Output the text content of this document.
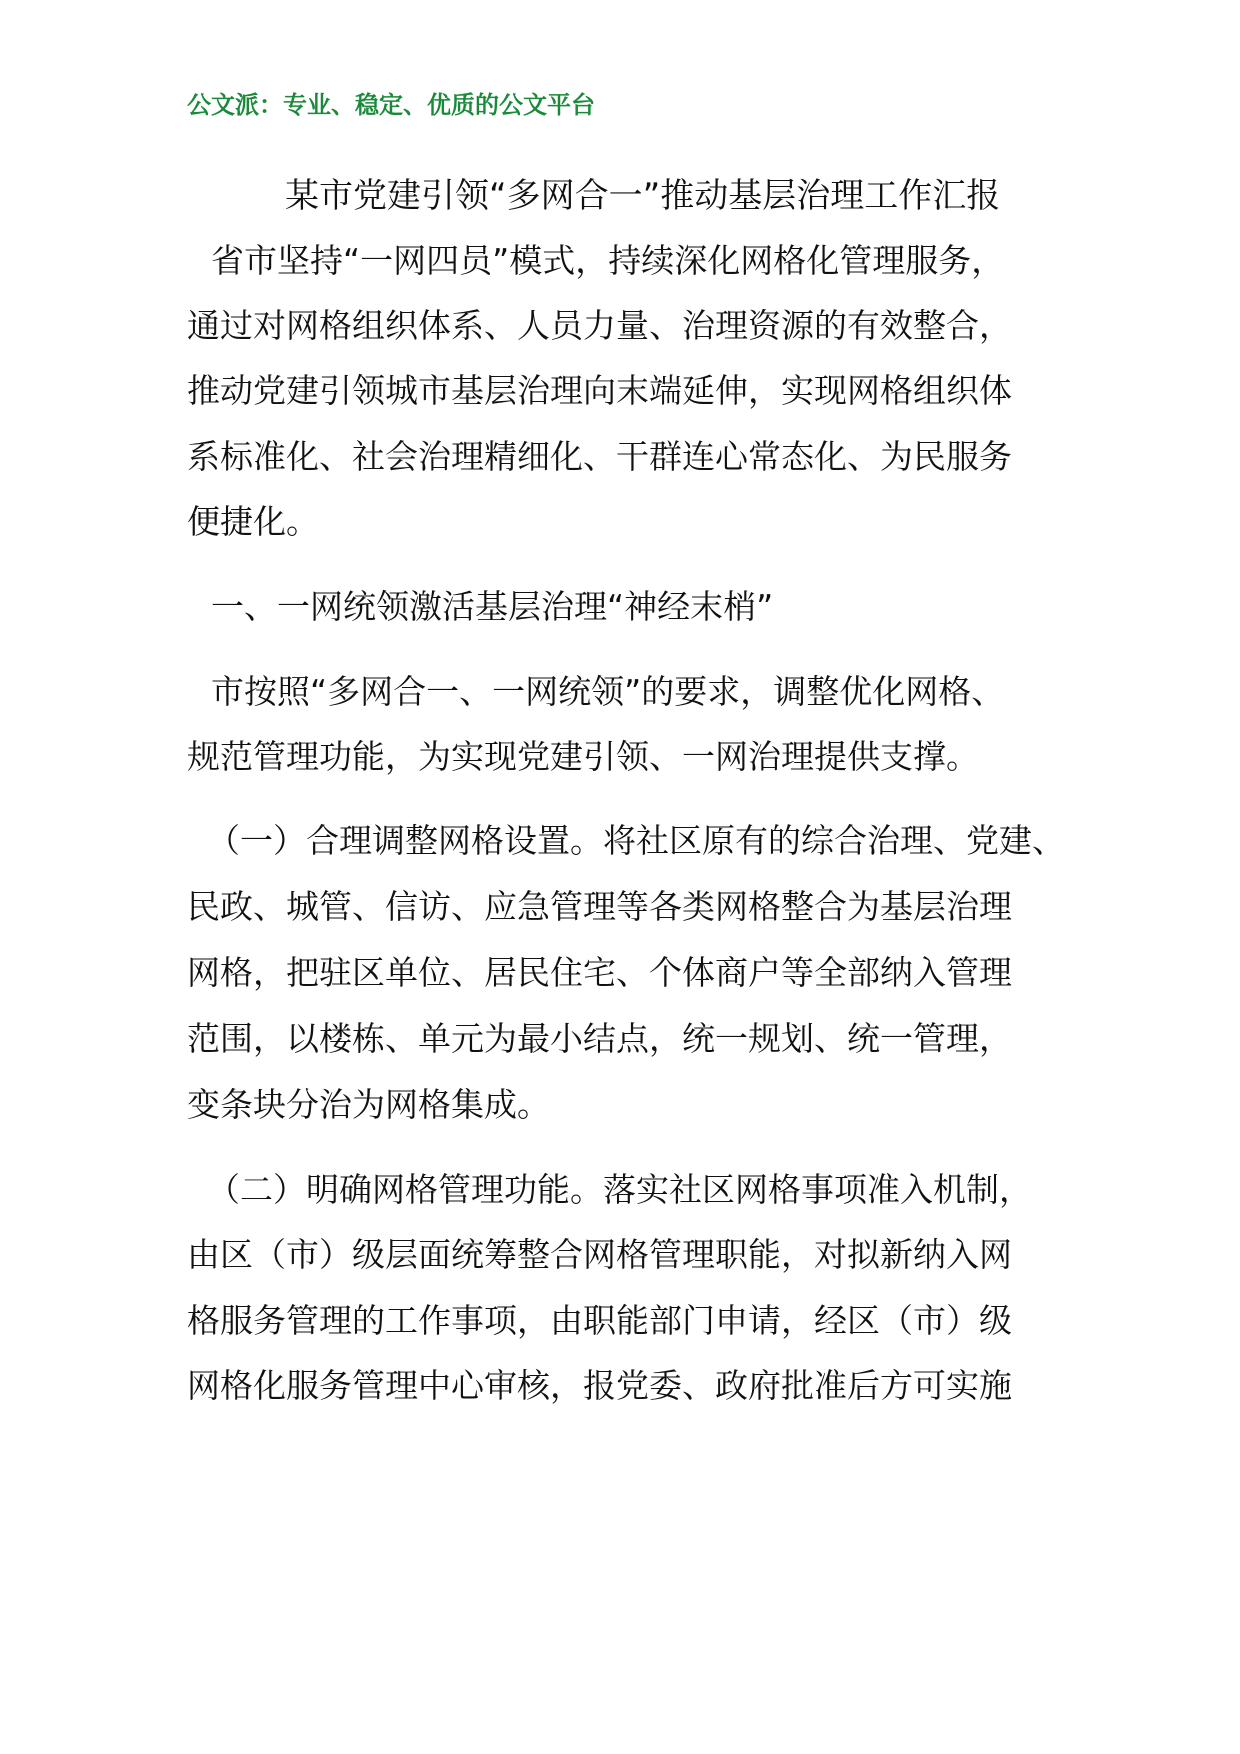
公文派：专业、稳定、优质的公文平台
某市党建引领“多网合一”推动基层治理工作汇报
省市坚持“一网四员”模式，持续深化网格化管理服务，
通过对网格组织体系、人员力量、治理资源的有效整合，
推动党建引领城市基层治理向末端延伸，实现网格组织体
系标准化、社会治理精细化、干群连心常态化、为民服务
便捷化。
一、一网统领激活基层治理“神经末梢”
市按照“多网合一、一网统领”的要求，调整优化网格、
规范管理功能，为实现党建引领、一网治理提供支撑。
（一）合理调整网格设置。将社区原有的综合治理、党建、
民政、城管、信访、应急管理等各类网格整合为基层治理
网格，把驻区单位、居民住宅、个体商户等全部纳入管理
范围，以楼栋、单元为最小结点，统一规划、统一管理，
变条块分治为网格集成。
（二）明确网格管理功能。落实社区网格事项准入机制，
由区（市）级层面统筹整合网格管理职能，对拟新纳入网
格服务管理的工作事项，由职能部门申请，经区（市）级
网格化服务管理中心审核，报党委、政府批准后方可实施
